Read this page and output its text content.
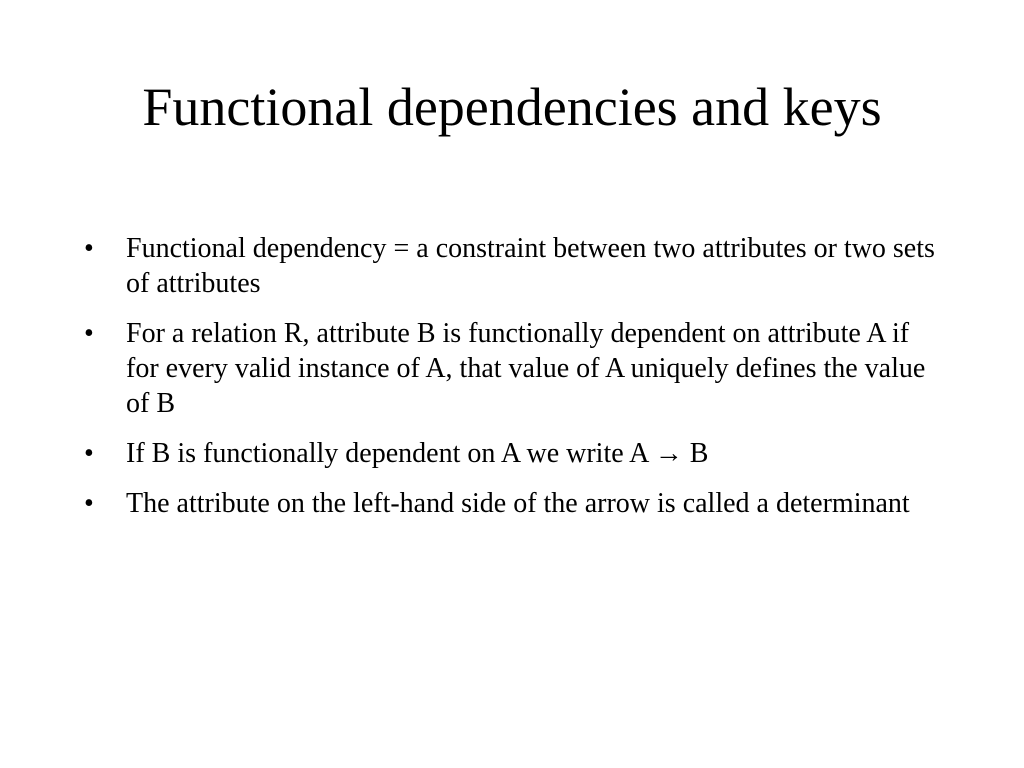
Functional dependencies and keys
•	Functional dependency = a constraint between two attributes or two sets of attributes
•	For a relation R, attribute B is functionally dependent on attribute A if for every valid instance of A, that value of A uniquely defines the value of B
•	If B is functionally dependent on A we write A → B
•	The attribute on the left-hand side of the arrow is called a determinant
